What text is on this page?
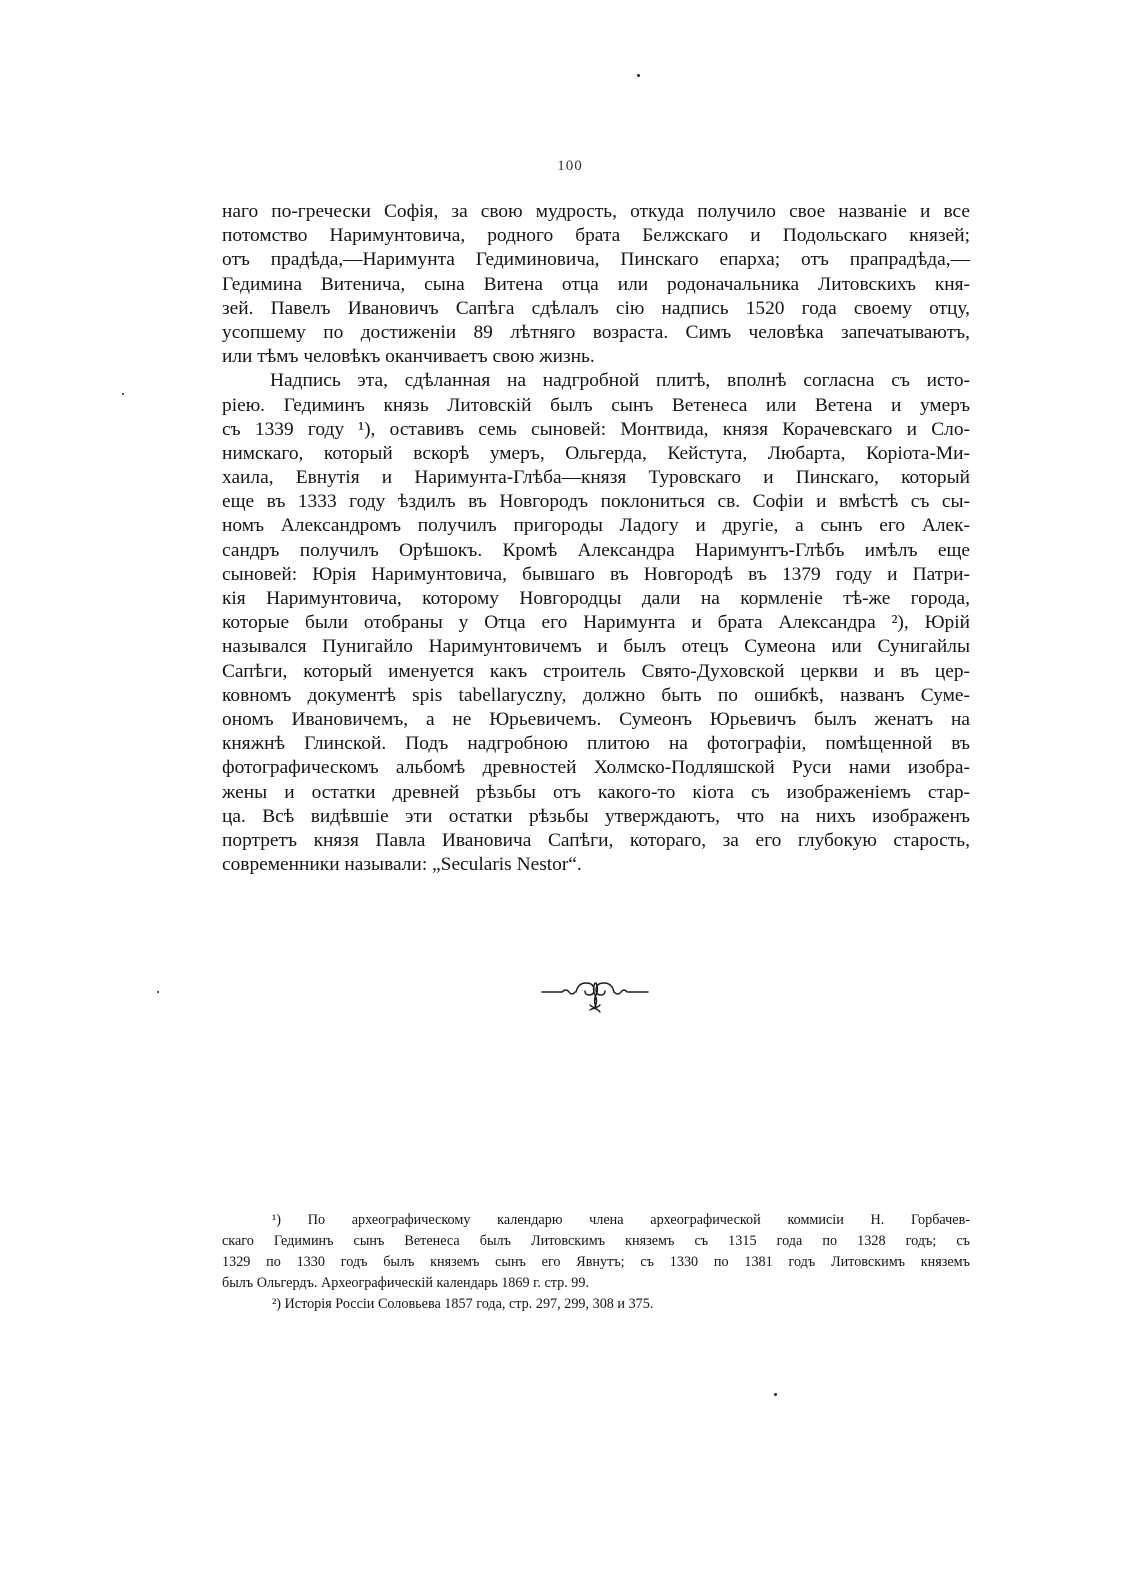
100
наго по-гречески Софія, за свою мудрость, откуда получило свое названіе и все
потомство Наримунтовича, родного брата Белжскаго и Подольскаго князей;
отъ прадѣда,—Наримунта Гедиминовича, Пинскаго епарха; отъ прапрадѣда,—
Гедимина Витенича, сына Витена отца или родоначальника Литовскихъ кня-
зей. Павелъ Ивановичъ Сапѣга сдѣлалъ сію надпись 1520 года своему отцу,
усопшему по достиженіи 89 лѣтняго возраста. Симъ человѣка запечатываютъ,
или тѣмъ человѣкъ оканчиваетъ свою жизнь.
Надпись эта, сдѣланная на надгробной плитѣ, вполнѣ согласна съ исто-
ріею. Гедиминъ князь Литовскій былъ сынъ Ветенеса или Ветена и умеръ
съ 1339 году ¹), оставивъ семь сыновей: Монтвида, князя Корачевскаго и Сло-
нимскаго, который вскорѣ умеръ, Ольгерда, Кейстута, Любарта, Коріота-Ми-
хаила, Евнутія и Наримунта-Глѣба—князя Туровскаго и Пинскаго, который
еще въ 1333 году ѣздилъ въ Новгородъ поклониться св. Софіи и вмѣстѣ съ сы-
номъ Александромъ получилъ пригороды Ладогу и другіе, а сынъ его Алек-
сандръ получилъ Орѣшокъ. Кромѣ Александра Наримунтъ-Глѣбъ имѣлъ еще
сыновей: Юрія Наримунтовича, бывшаго въ Новгородѣ въ 1379 году и Патри-
кія Наримунтовича, которому Новгородцы дали на кормленіе тѣ-же города,
которые были отобраны у Отца его Наримунта и брата Александра ²), Юрій
назывался Пунигайло Наримунтовичемъ и былъ отецъ Сумеона или Сунигайлы
Сапѣги, который именуется какъ строитель Свято-Духовской церкви и въ цер-
ковномъ документѣ spis tabellaryczny, должно быть по ошибкѣ, названъ Суме-
ономъ Ивановичемъ, а не Юрьевичемъ. Сумеонъ Юрьевичъ былъ женатъ на
княжнѣ Глинской. Подъ надгробною плитою на фотографіи, помѣщенной въ
фотографическомъ альбомѣ древностей Холмско-Подляшской Руси нами изобра-
жены и остатки древней рѣзьбы отъ какого-то кіота съ изображеніемъ стар-
ца. Всѣ видѣвшіе эти остатки рѣзьбы утверждаютъ, что на нихъ изображенъ
портретъ князя Павла Ивановича Сапѣги, котораго, за его глубокую старость,
современники называли: „Secularis Nestor“.
¹) По археографическому календарю члена археографической коммисіи Н. Горбачев-
скаго Гедиминъ сынъ Ветенеса былъ Литовскимъ княземъ съ 1315 года по 1328 годъ; съ
1329 по 1330 годъ былъ княземъ сынъ его Явнутъ; съ 1330 по 1381 годъ Литовскимъ княземъ
былъ Ольгердъ. Археографическій календарь 1869 г. стр. 99.
²) Исторія Россіи Соловьева 1857 года, стр. 297, 299, 308 и 375.
